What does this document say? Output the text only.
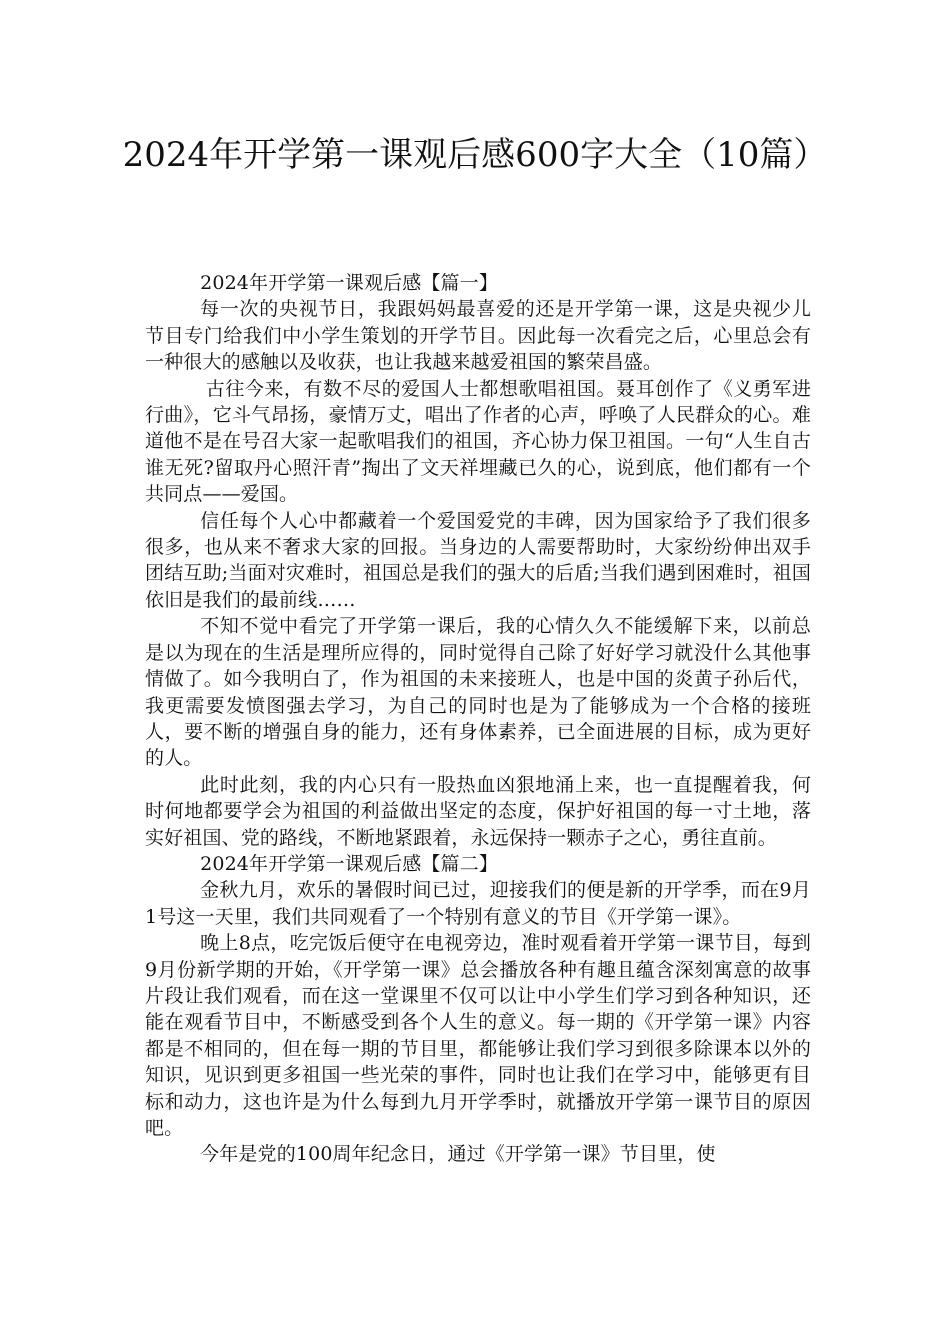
2024年开学第一课观后感600字大全（10篇）

2024年开学第一课观后感【篇一】

每一次的央视节日，我跟妈妈最喜爱的还是开学第一课，这是央视少儿节目专门给我们中小学生策划的开学节目。因此每一次看完之后，心里总会有一种很大的感触以及收获，也让我越来越爱祖国的繁荣昌盛。

古往今来，有数不尽的爱国人士都想歌唱祖国。聂耳创作了《义勇军进行曲》，它斗气昂扬，豪情万丈，唱出了作者的心声，呼唤了人民群众的心。难道他不是在号召大家一起歌唱我们的祖国，齐心协力保卫祖国。一句“人生自古谁无死?留取丹心照汗青”掏出了文天祥埋藏已久的心，说到底，他们都有一个共同点——爱国。

信任每个人心中都藏着一个爱国爱党的丰碑，因为国家给予了我们很多很多，也从来不奢求大家的回报。当身边的人需要帮助时，大家纷纷伸出双手团结互助;当面对灾难时，祖国总是我们的强大的后盾;当我们遇到困难时，祖国依旧是我们的最前线……

不知不觉中看完了开学第一课后，我的心情久久不能缓解下来，以前总是以为现在的生活是理所应得的，同时觉得自己除了好好学习就没什么其他事情做了。如今我明白了，作为祖国的未来接班人，也是中国的炎黄子孙后代，我更需要发愤图强去学习，为自己的同时也是为了能够成为一个合格的接班人，要不断的增强自身的能力，还有身体素养，已全面进展的目标，成为更好的人。

此时此刻，我的内心只有一股热血凶狠地涌上来，也一直提醒着我，何时何地都要学会为祖国的利益做出坚定的态度，保护好祖国的每一寸土地，落实好祖国、党的路线，不断地紧跟着，永远保持一颗赤子之心，勇往直前。

2024年开学第一课观后感【篇二】

金秋九月，欢乐的暑假时间已过，迎接我们的便是新的开学季，而在9月1号这一天里，我们共同观看了一个特别有意义的节目《开学第一课》。

晚上8点，吃完饭后便守在电视旁边，准时观看着开学第一课节目，每到9月份新学期的开始，《开学第一课》总会播放各种有趣且蕴含深刻寓意的故事片段让我们观看，而在这一堂课里不仅可以让中小学生们学习到各种知识，还能在观看节目中，不断感受到各个人生的意义。每一期的《开学第一课》内容都是不相同的，但在每一期的节目里，都能够让我们学习到很多除课本以外的知识，见识到更多祖国一些光荣的事件，同时也让我们在学习中，能够更有目标和动力，这也许是为什么每到九月开学季时，就播放开学第一课节目的原因吧。

今年是党的100周年纪念日，通过《开学第一课》节目里，使
